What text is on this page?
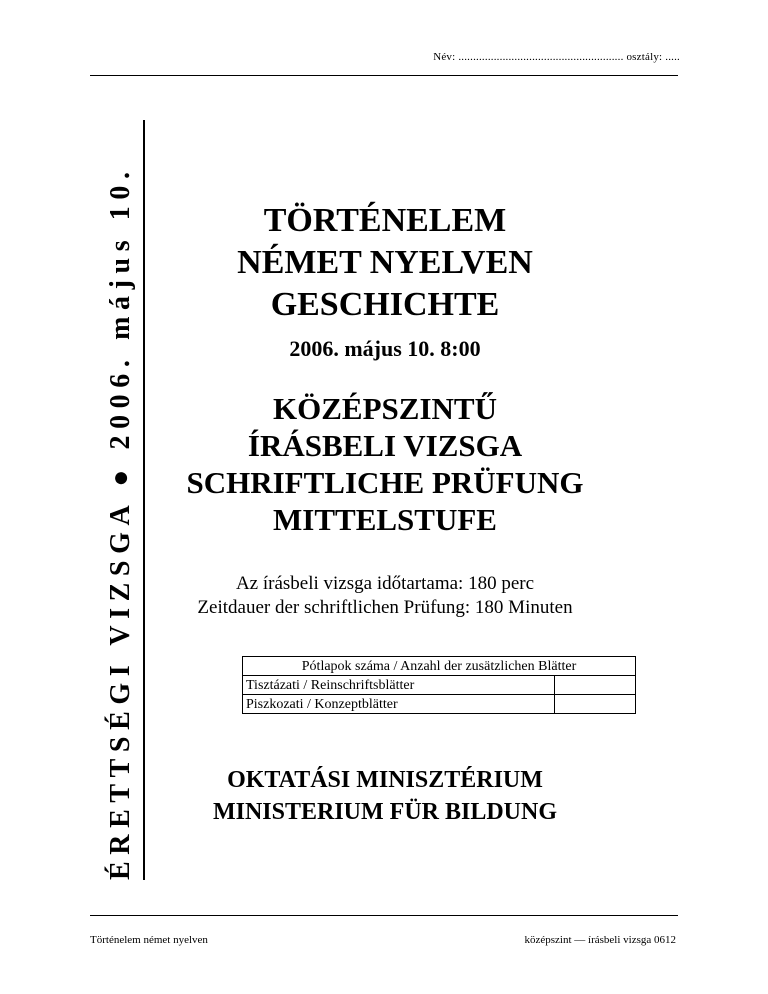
Név: ........................................................ osztály: .....
ÉRETTSÉGI VIZSGA ● 2006. május 10.	TÖRTÉNELEM
NÉMET NYELVEN
GESCHICHTE
2006. május 10. 8:00
KÖZÉPSZINTŰ
ÍRÁSBELI VIZSGA
SCHRIFTLICHE PRÜFUNG
MITTELSTUFE
Az írásbeli vizsga időtartama: 180 perc
Zeitdauer der schriftlichen Prüfung: 180 Minuten
Pótlapok száma / Anzahl der zusätzlichen Blätter	
Tisztázati / Reinschriftsblätter	
Piszkozati / Konzeptblätter	
OKTATÁSI MINISZTÉRIUM
MINISTERIUM FÜR BILDUNG
Történelem német nyelven	középszint — írásbeli vizsga 0612
